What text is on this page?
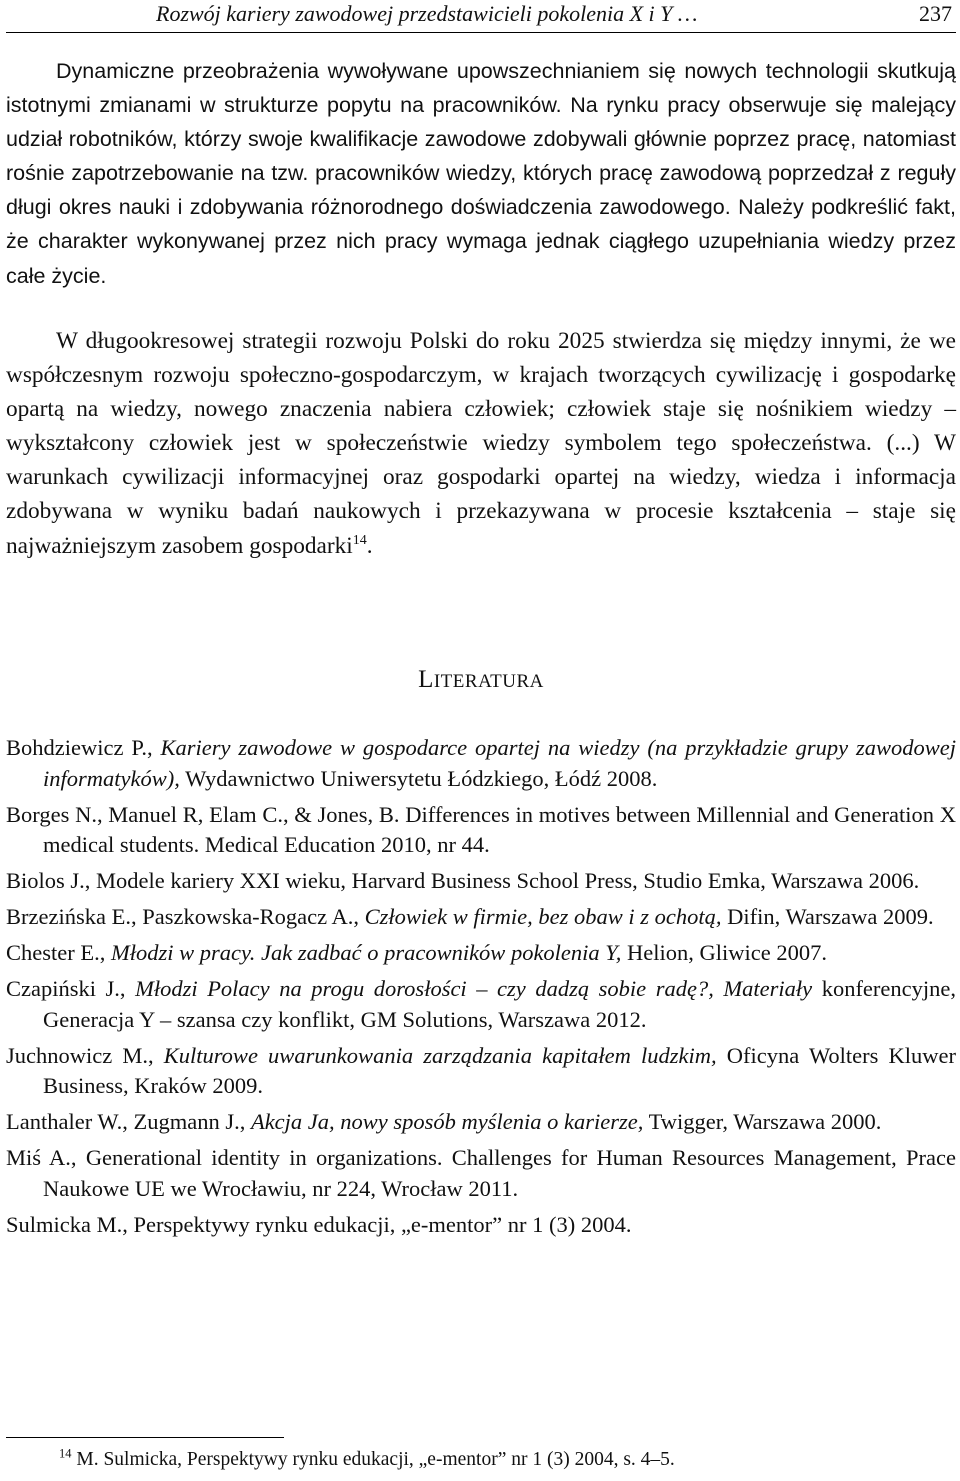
Rozwój kariery zawodowej przedstawicieli pokolenia X i Y …	237

Dynamiczne przeobrażenia wywoływane upowszechnianiem się nowych technologii skutkują istotnymi zmianami w strukturze popytu na pracowników. Na rynku pracy obserwuje się malejący udział robotników, którzy swoje kwalifikacje zawodowe zdobywali głównie poprzez pracę, natomiast rośnie zapotrzebowanie na tzw. pracowników wiedzy, których pracę zawodową poprzedzał z reguły długi okres nauki i zdobywania różnorodnego doświadczenia zawodowego. Należy podkreślić fakt, że charakter wykonywanej przez nich pracy wymaga jednak ciągłego uzupełniania wiedzy przez całe życie.

W długookresowej strategii rozwoju Polski do roku 2025 stwierdza się między innymi, że we współczesnym rozwoju społeczno-gospodarczym, w krajach tworzących cywilizację i gospodarkę opartą na wiedzy, nowego znaczenia nabiera człowiek; człowiek staje się nośnikiem wiedzy – wykształcony człowiek jest w społeczeństwie wiedzy symbolem tego społeczeństwa. (...) W warunkach cywilizacji informacyjnej oraz gospodarki opartej na wiedzy, wiedza i informacja zdobywana w wyniku badań naukowych i przekazywana w procesie kształcenia – staje się najważniejszym zasobem gospodarki$^{14}$.

LITERATURA
Bohdziewicz P., Kariery zawodowe w gospodarce opartej na wiedzy (na przykładzie grupy zawodowej informatyków), Wydawnictwo Uniwersytetu Łódzkiego, Łódź 2008.
Borges N., Manuel R, Elam C., & Jones, B. Differences in motives between Millennial and Generation X medical students. Medical Education 2010, nr 44.
Biolos J., Modele kariery XXI wieku, Harvard Business School Press, Studio Emka, Warszawa 2006.
Brzezińska E., Paszkowska-Rogacz A., Człowiek w firmie, bez obaw i z ochotą, Difin, Warszawa 2009.
Chester E., Młodzi w pracy. Jak zadbać o pracowników pokolenia Y, Helion, Gliwice 2007.
Czapiński J., Młodzi Polacy na progu dorosłości – czy dadzą sobie radę?, Materiały konferencyjne, Generacja Y – szansa czy konflikt, GM Solutions, Warszawa 2012.
Juchnowicz M., Kulturowe uwarunkowania zarządzania kapitałem ludzkim, Oficyna Wolters Kluwer Business, Kraków 2009.
Lanthaler W., Zugmann J., Akcja Ja, nowy sposób myślenia o karierze, Twigger, Warszawa 2000.
Miś A., Generational identity in organizations. Challenges for Human Resources Management, Prace Naukowe UE we Wrocławiu, nr 224, Wrocław 2011.
Sulmicka M., Perspektywy rynku edukacji, „e-mentor” nr 1 (3) 2004.
$^{14}$ M. Sulmicka, Perspektywy rynku edukacji, „e-mentor” nr 1 (3) 2004, s. 4–5.
